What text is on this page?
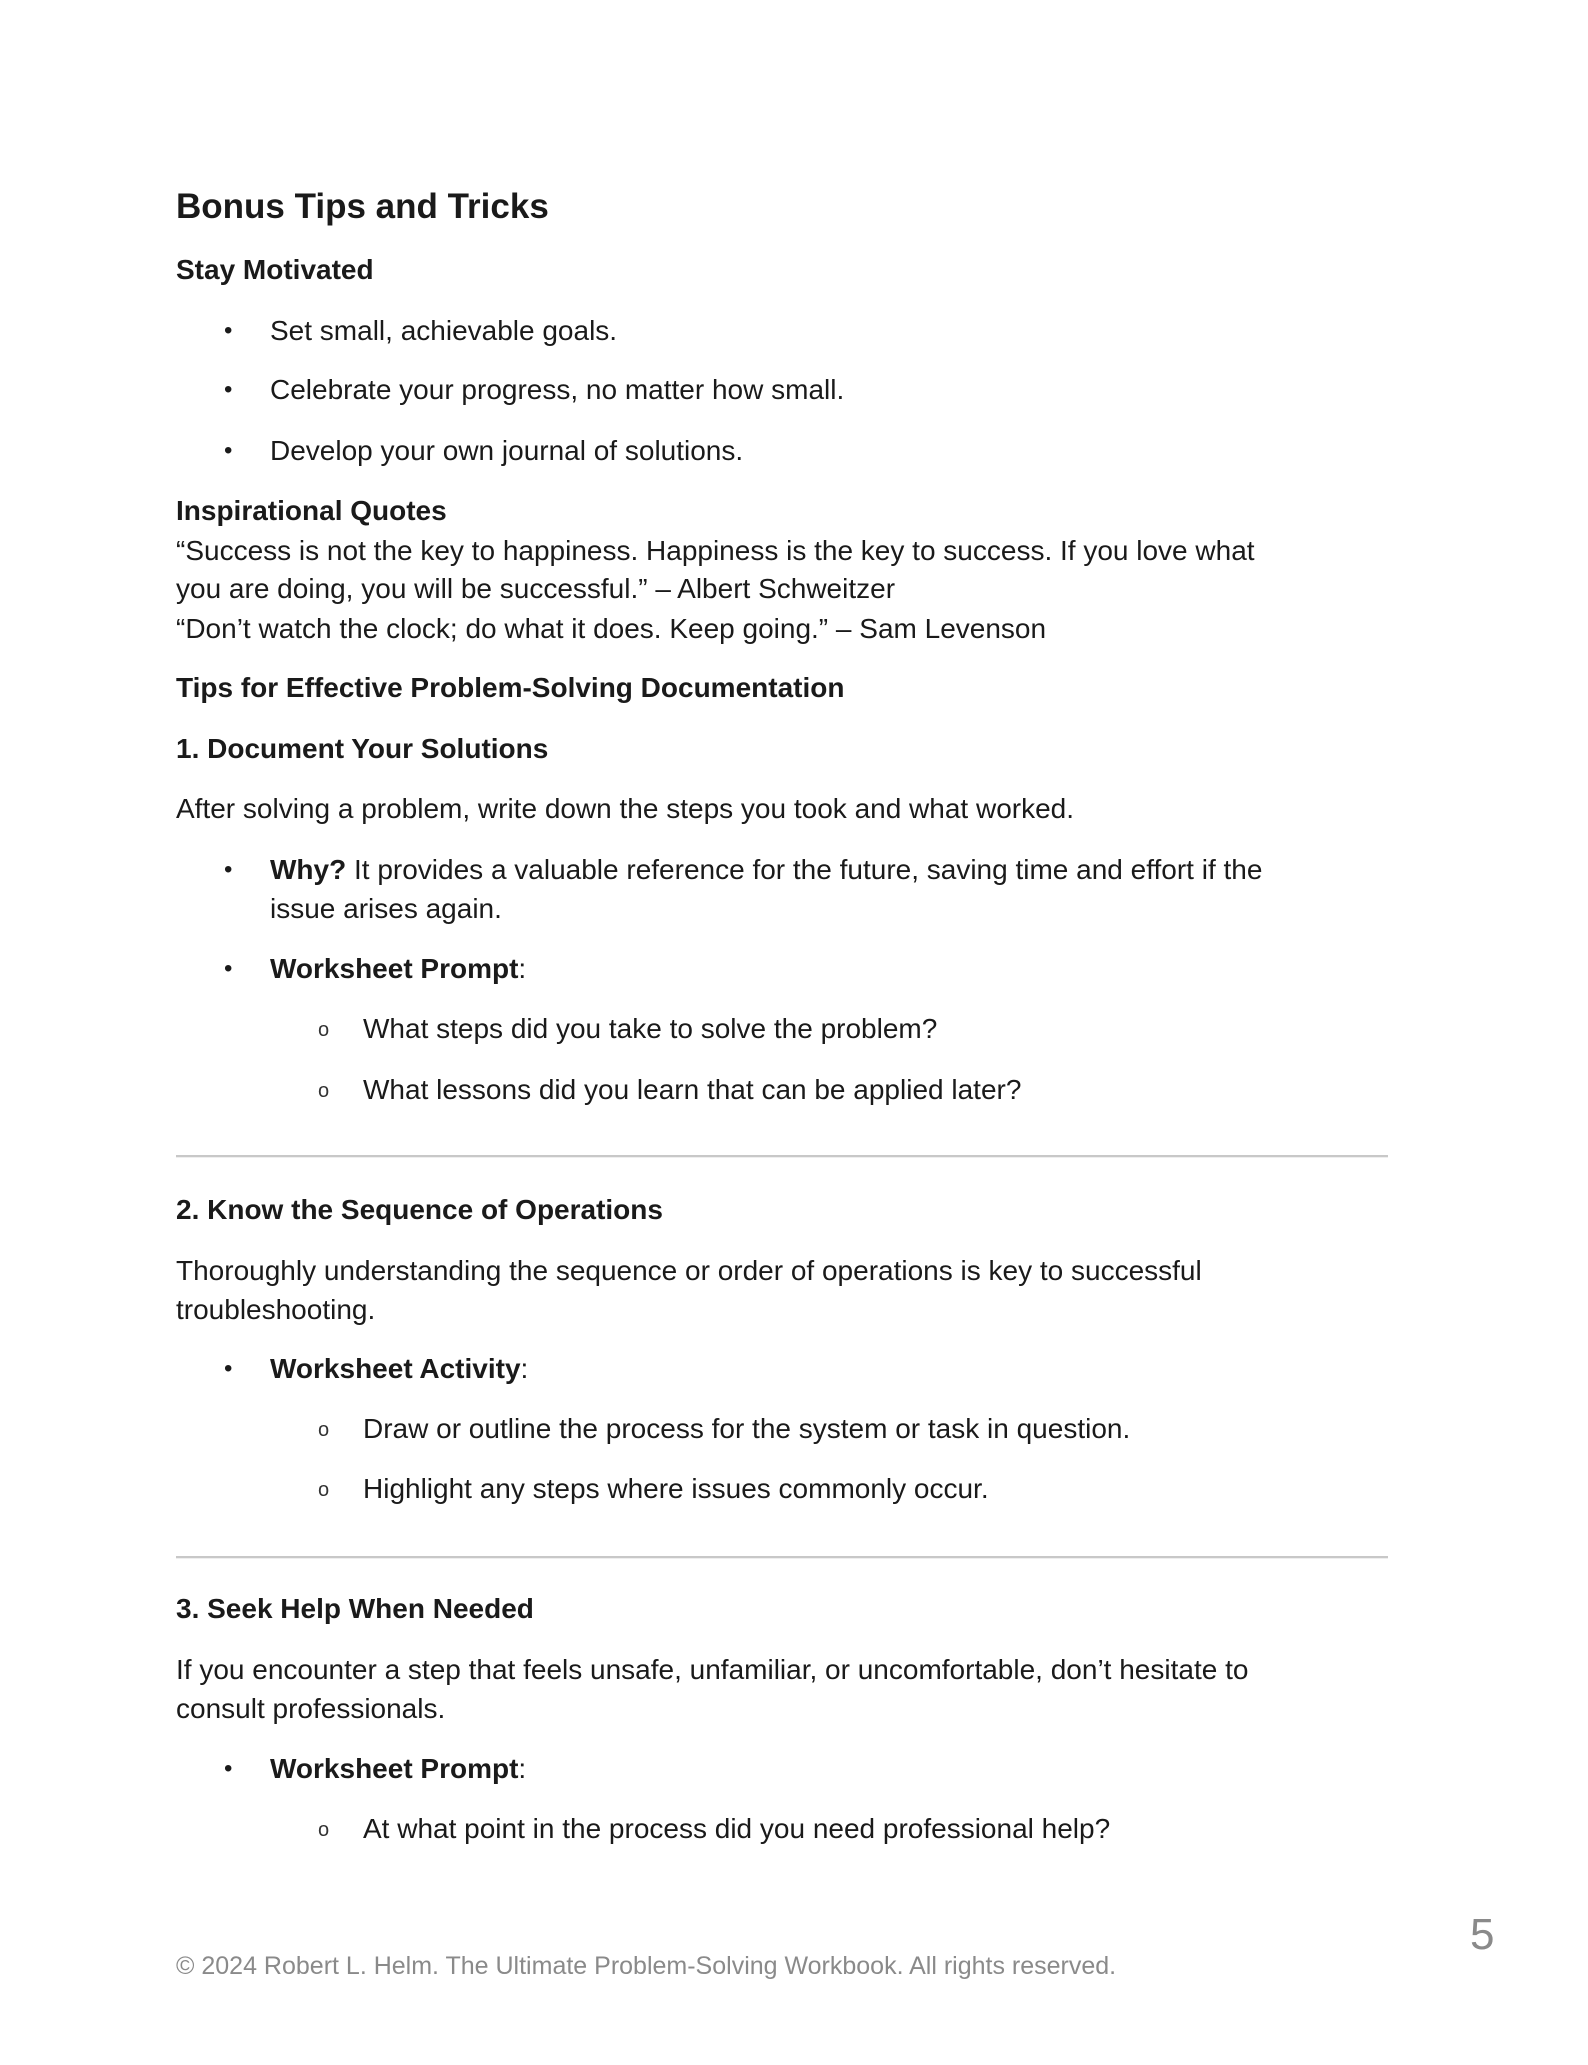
Bonus Tips and Tricks
Stay Motivated
• Set small, achievable goals.
• Celebrate your progress, no matter how small.
• Develop your own journal of solutions.
Inspirational Quotes
“Success is not the key to happiness. Happiness is the key to success. If you love what
you are doing, you will be successful.” – Albert Schweitzer
“Don’t watch the clock; do what it does. Keep going.” – Sam Levenson
Tips for Effective Problem-Solving Documentation
1. Document Your Solutions
After solving a problem, write down the steps you took and what worked.
• Why? It provides a valuable reference for the future, saving time and effort if the
issue arises again.
• Worksheet Prompt:
o What steps did you take to solve the problem?
o What lessons did you learn that can be applied later?
2. Know the Sequence of Operations
Thoroughly understanding the sequence or order of operations is key to successful
troubleshooting.
• Worksheet Activity:
o Draw or outline the process for the system or task in question.
o Highlight any steps where issues commonly occur.
3. Seek Help When Needed
If you encounter a step that feels unsafe, unfamiliar, or uncomfortable, don’t hesitate to
consult professionals.
• Worksheet Prompt:
o At what point in the process did you need professional help?
5
© 2024 Robert L. Helm. The Ultimate Problem-Solving Workbook. All rights reserved.
